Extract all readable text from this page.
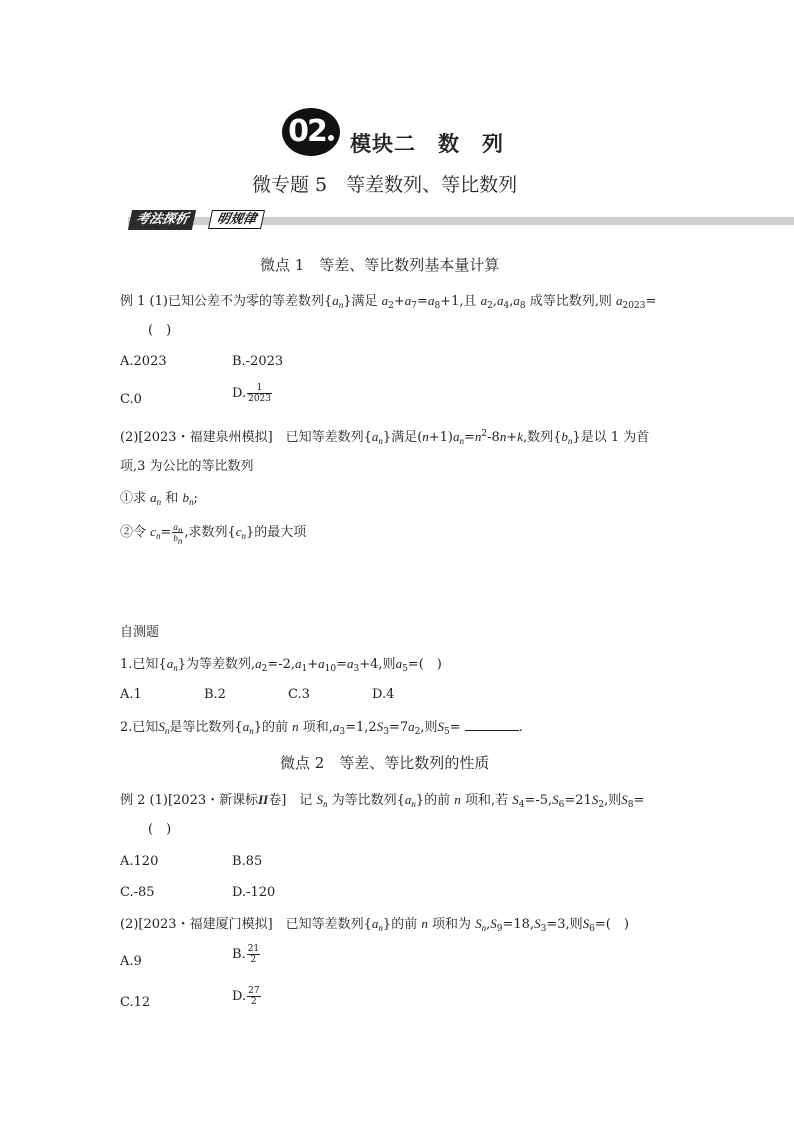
02	模块二　数　列
微专题 5　等差数列、等比数列
考法探析	明规律
微点 1　等差、等比数列基本量计算
例 1 (1)已知公差不为零的等差数列$\{a_n\}$满足 $a_2+a_7=a_8+1$,且 $a_2,a_4,a_8$ 成等比数列,则 $a_{2023}=$
(　)
A.2023	B.-2023
C.0	D. $\frac{1}{2023}$
(2)[2023・福建泉州模拟]　已知等差数列$\{a_n\}$满足$(n+1)a_n=n^2-8n+k$,数列$\{b_n\}$是以 1 为首
项,3 为公比的等比数列
①求 $a_n$ 和 $b_n$;
②令 $c_n= \frac{a_n}{b_n}$ ,求数列$\{c_n\}$的最大项
自测题
1.已知$\{a_n\}$为等差数列$,a_2=-2,a_1+a_{10}=a_3+4$,则$a_5=$(　)
A.1	B.2	C.3	D.4
2.已知$S_n$是等比数列$\{a_n\}$的前 n 项和$,a_3=1,2S_3=7a_2$,则$S_5=$	.
微点 2　等差、等比数列的性质
例 2 (1)[2023・新课标II卷]　记 $S_n$ 为等比数列$\{a_n\}$的前 n 项和,若 $S_4=-5,S_6=21S_2$,则$S_8=$
(　)
A.120	B.85
C.-85	D.-120
(2)[2023・福建厦门模拟]　已知等差数列$\{a_n\}$的前 n 项和为 $S_n,S_9=18,S_3=3$,则$S_6=$(　)
A.9	B. $\frac{21}{2}$
C.12	D. $\frac{27}{2}$
